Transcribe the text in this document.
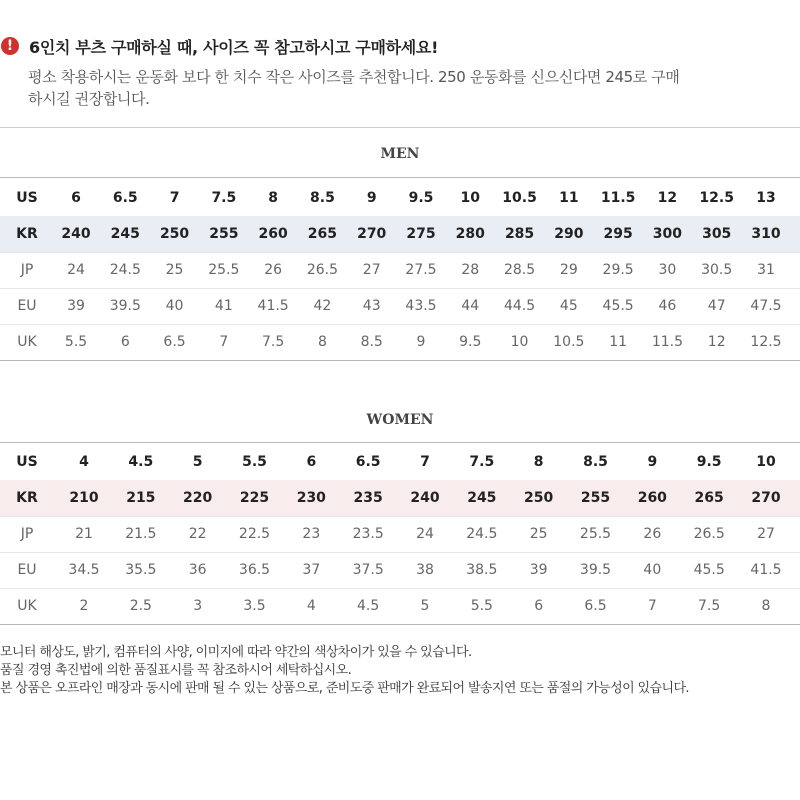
! 6인치 부츠 구매하실 때, 사이즈 꼭 참고하시고 구매하세요!
평소 착용하시는 운동화 보다 한 치수 작은 사이즈를 추천합니다. 250 운동화를 신으신다면 245로 구매
하시길 권장합니다.
MEN
US	6	6.5	7	7.5	8	8.5	9	9.5	10	10.5	11	11.5	12	12.5	13
KR	240	245	250	255	260	265	270	275	280	285	290	295	300	305	310
JP	24	24.5	25	25.5	26	26.5	27	27.5	28	28.5	29	29.5	30	30.5	31
EU	39	39.5	40	41	41.5	42	43	43.5	44	44.5	45	45.5	46	47	47.5
UK	5.5	6	6.5	7	7.5	8	8.5	9	9.5	10	10.5	11	11.5	12	12.5
WOMEN
US	4	4.5	5	5.5	6	6.5	7	7.5	8	8.5	9	9.5	10
KR	210	215	220	225	230	235	240	245	250	255	260	265	270
JP	21	21.5	22	22.5	23	23.5	24	24.5	25	25.5	26	26.5	27
EU	34.5	35.5	36	36.5	37	37.5	38	38.5	39	39.5	40	45.5	41.5
UK	2	2.5	3	3.5	4	4.5	5	5.5	6	6.5	7	7.5	8
모니터 해상도, 밝기, 컴퓨터의 사양, 이미지에 따라 약간의 색상차이가 있을 수 있습니다.
품질 경영 촉진법에 의한 품질표시를 꼭 참조하시어 세탁하십시오.
본 상품은 오프라인 매장과 동시에 판매 될 수 있는 상품으로, 준비도중 판매가 완료되어 발송지연 또는 품절의 가능성이 있습니다.
